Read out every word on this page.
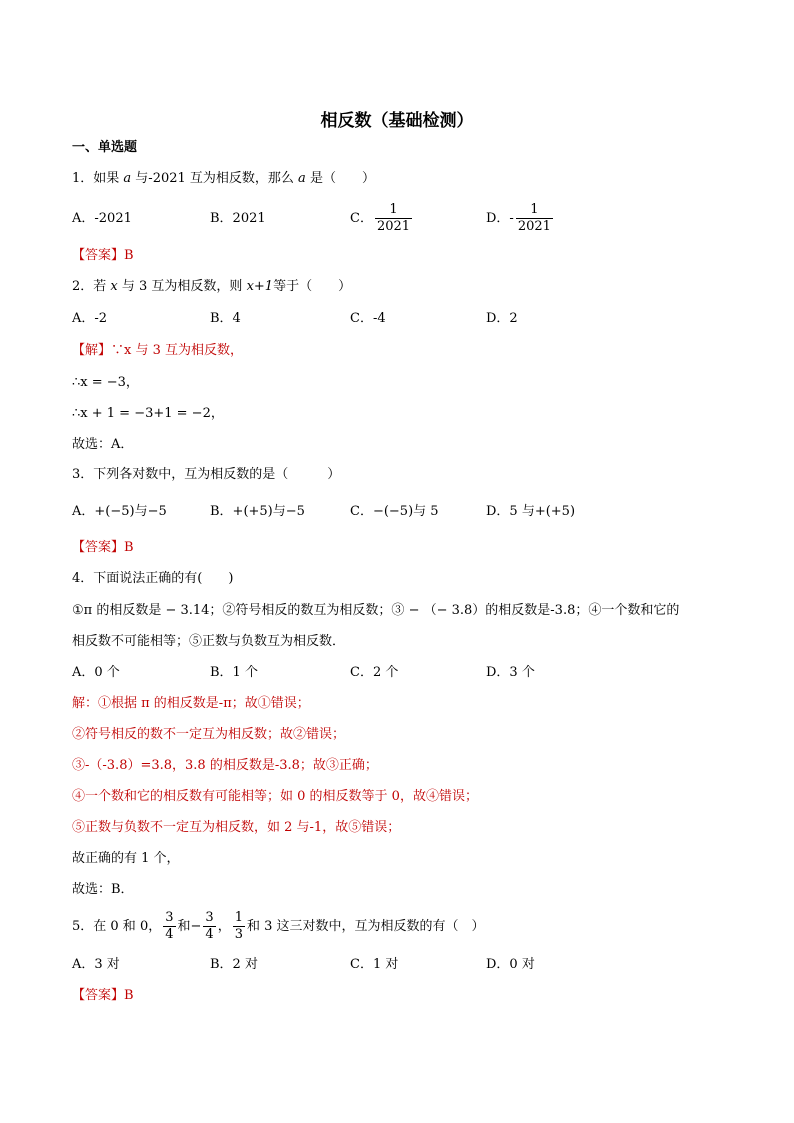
相反数（基础检测）
一、单选题
1．如果 a 与-2021 互为相反数，那么 a 是（　　）
A．-2021	B．2021	C． $\frac{1}{2021}$	D．- $\frac{1}{2021}$
【答案】B
2．若 x 与 3 互为相反数，则 x+1等于（　　）
A．-2	B．4	C．-4	D．2
【解】∵x 与 3 互为相反数，
∴x = −3，
∴x + 1 = −3+1 = −2，
故选：A．
3．下列各对数中，互为相反数的是（　　　）
A．+(−5)与−5	B．+(+5)与−5	C．−(−5)与 5	D．5 与+(+5)
【答案】B
4．下面说法正确的有(　　)
①π 的相反数是 − 3.14；②符号相反的数互为相反数；③ − （− 3.8）的相反数是-3.8；④一个数和它的
相反数不可能相等；⑤正数与负数互为相反数．
A．0 个	B．1 个	C．2 个	D．3 个
解：①根据 π 的相反数是-π；故①错误；
②符号相反的数不一定互为相反数；故②错误；
③-（-3.8）=3.8，3.8 的相反数是-3.8；故③正确；
④一个数和它的相反数有可能相等；如 0 的相反数等于 0，故④错误；
⑤正数与负数不一定互为相反数，如 2 与-1，故⑤错误；
故正确的有 1 个，
故选：B．
5．在 0 和 0， $\frac{3}{4}$ 和− $\frac{3}{4}$ ， $\frac{1}{3}$ 和 3 这三对数中，互为相反数的有（　）
A．3 对	B．2 对	C．1 对	D．0 对
【答案】B
